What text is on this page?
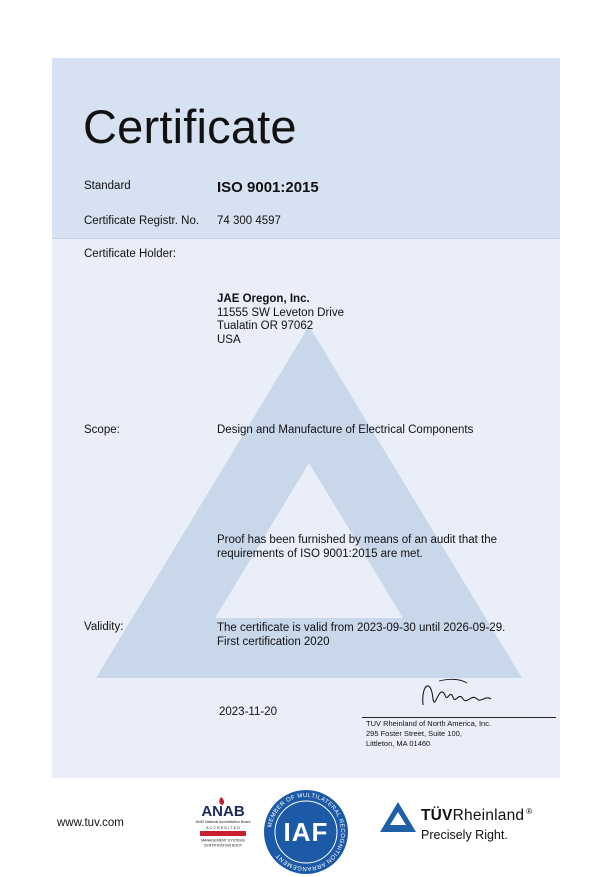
Certificate
Standard	ISO 9001:2015
Certificate Registr. No. 74 300 4597
Certificate Holder:
JAE Oregon, Inc.
11555 SW Leveton Drive
Tualatin OR 97062
USA
Scope:	Design and Manufacture of Electrical Components
Proof has been furnished by means of an audit that the requirements of ISO 9001:2015 are met.
Validity:	The certificate is valid from 2023-09-30 until 2026-09-29.
First certification 2020
2023-11-20
TUV Rheinland of North America, Inc.
295 Foster Street, Suite 100,
Littleton, MA 01460
www.tuv.com
ANAB
ANSI National Accreditation Board
A C C R E D I T E D
MANAGEMENT SYSTEMS
CERTIFICATION BODY
MEMBER OF MULTILATERAL RECOGNITION ARRANGEMENT
IAF
TÜVRheinland ®
Precisely Right.
